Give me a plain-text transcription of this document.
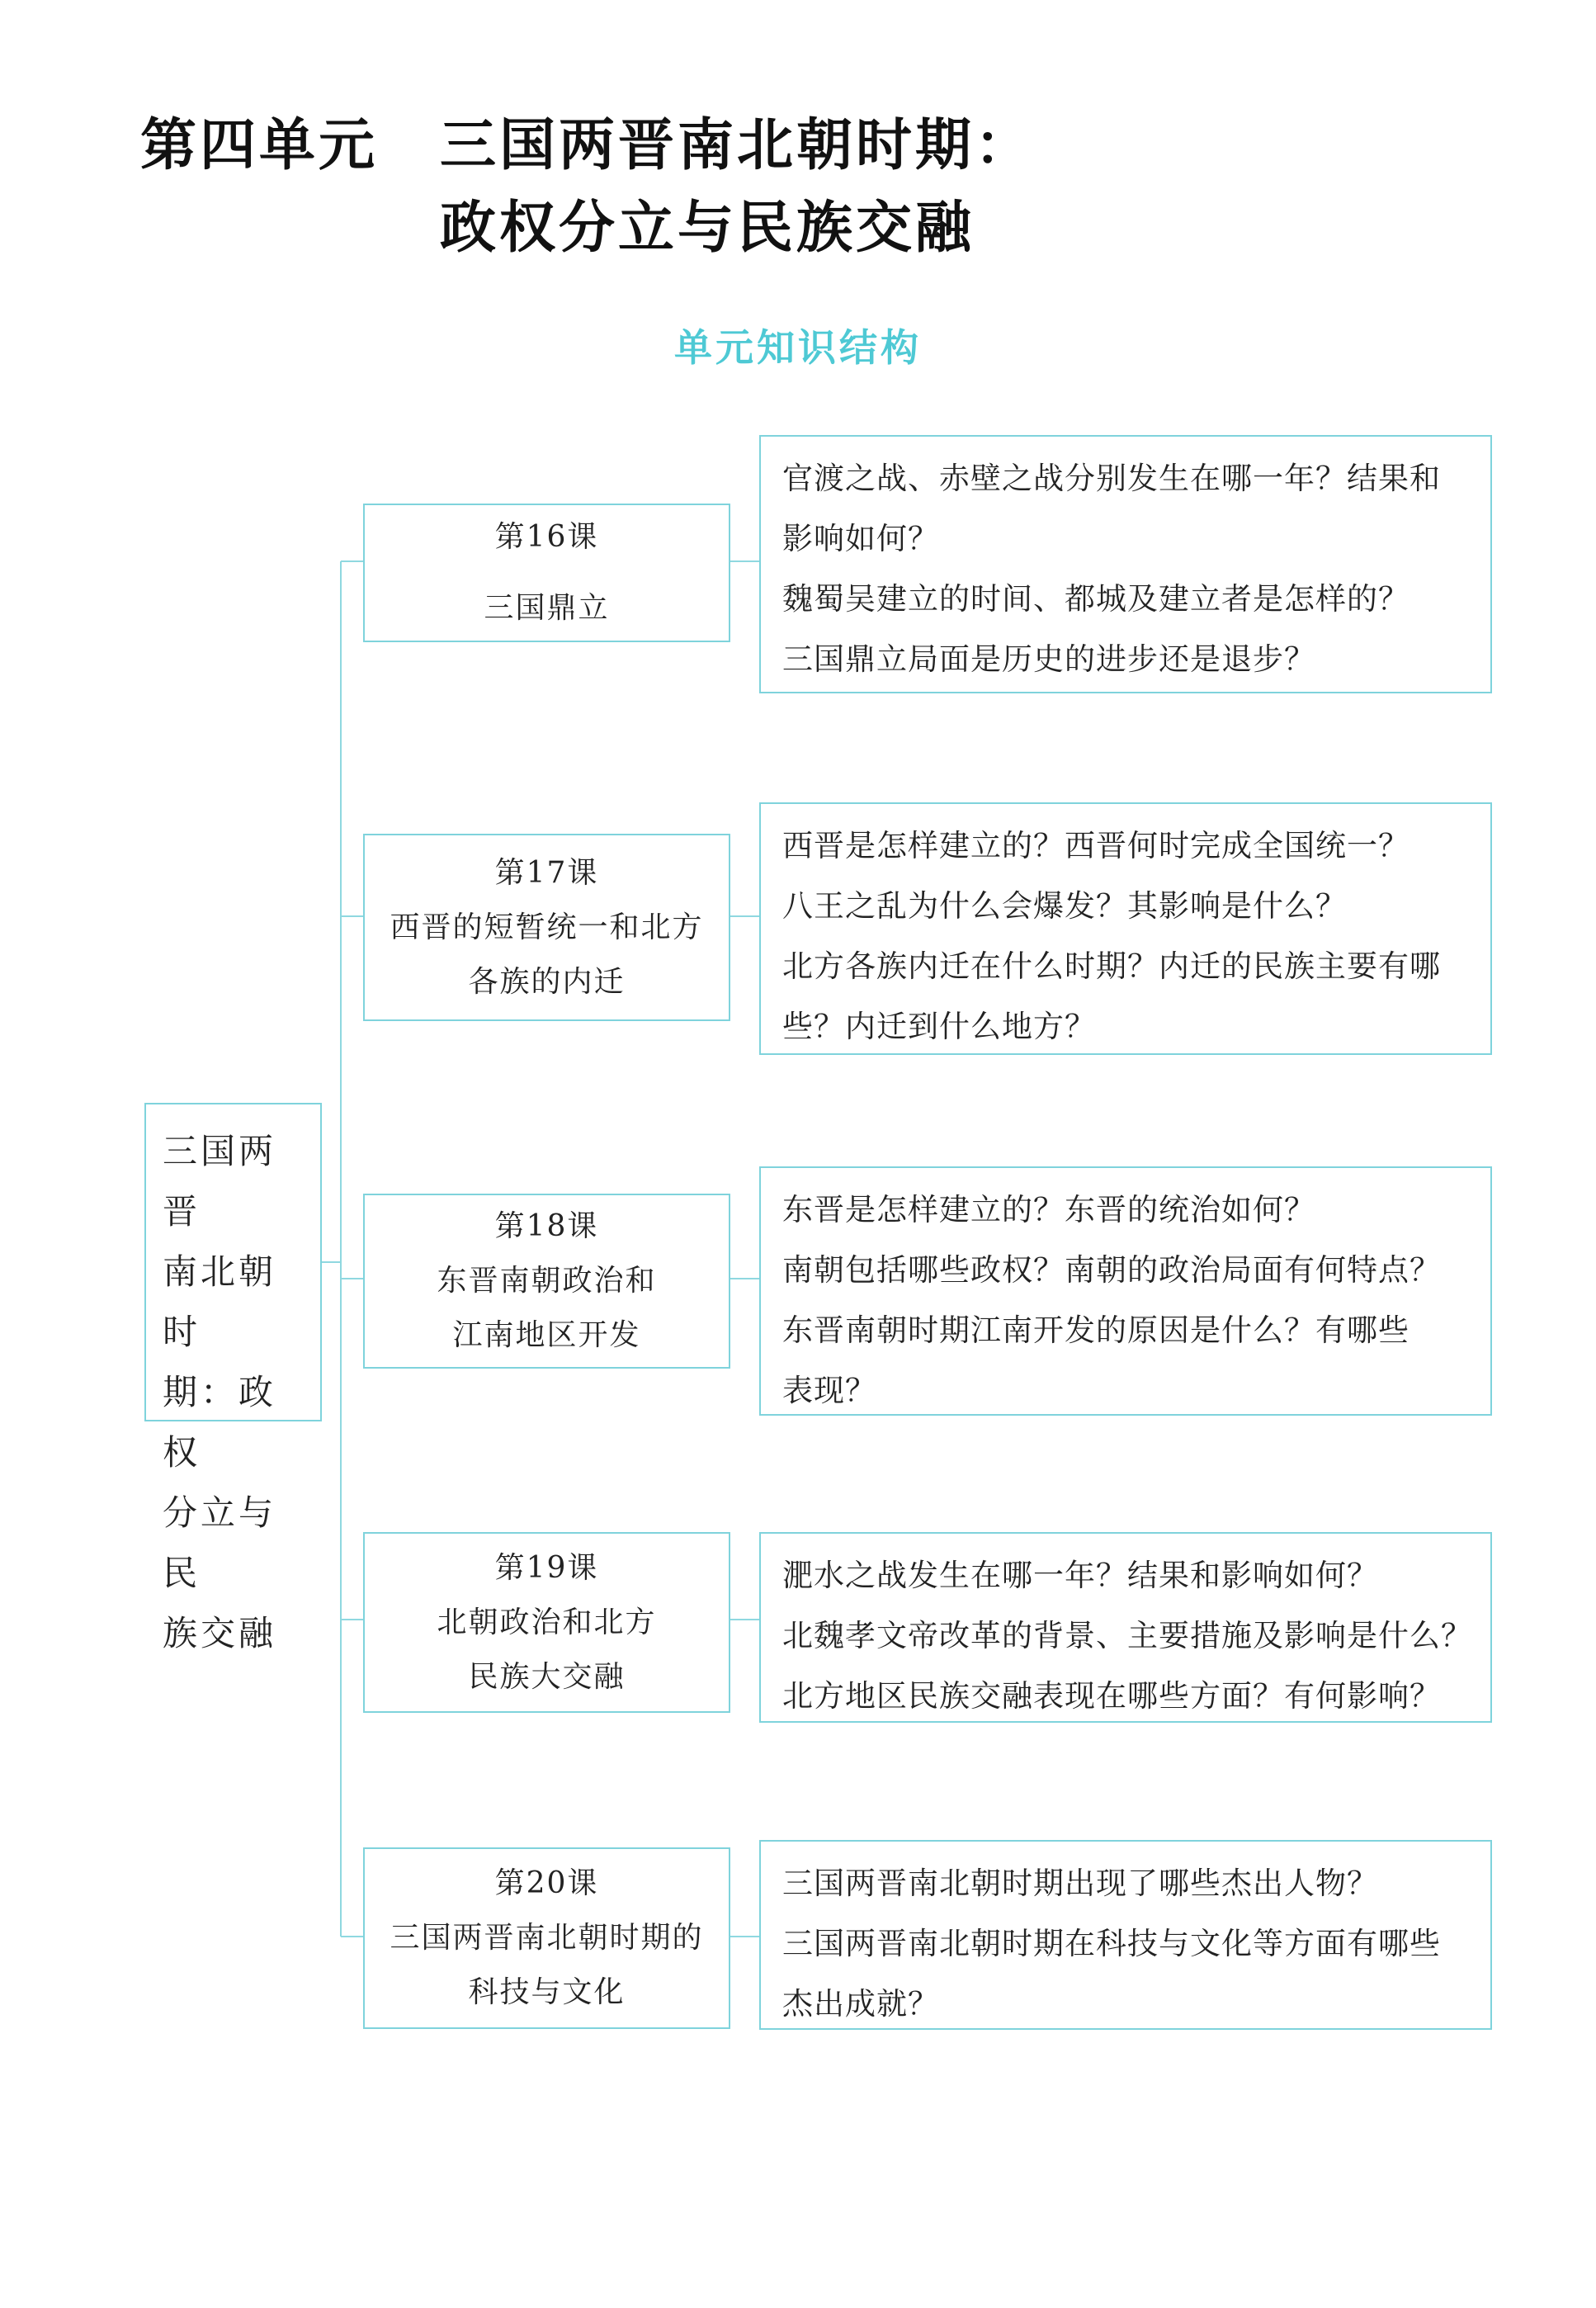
第四单元 三国两晋南北朝时期：
政权分立与民族交融
单元知识结构
三国两晋
南北朝时
期：政权
分立与民
族交融
第16课
三国鼎立
官渡之战、赤壁之战分别发生在哪一年？结果和
影响如何？
魏蜀吴建立的时间、都城及建立者是怎样的？
三国鼎立局面是历史的进步还是退步？
第17课
西晋的短暂统一和北方
各族的内迁
西晋是怎样建立的？西晋何时完成全国统一？
八王之乱为什么会爆发？其影响是什么？
北方各族内迁在什么时期？内迁的民族主要有哪
些？内迁到什么地方？
第18课
东晋南朝政治和
江南地区开发
东晋是怎样建立的？东晋的统治如何？
南朝包括哪些政权？南朝的政治局面有何特点？
东晋南朝时期江南开发的原因是什么？有哪些
表现？
第19课
北朝政治和北方
民族大交融
淝水之战发生在哪一年？结果和影响如何？
北魏孝文帝改革的背景、主要措施及影响是什么？
北方地区民族交融表现在哪些方面？有何影响？
第20课
三国两晋南北朝时期的
科技与文化
三国两晋南北朝时期出现了哪些杰出人物？
三国两晋南北朝时期在科技与文化等方面有哪些
杰出成就？
